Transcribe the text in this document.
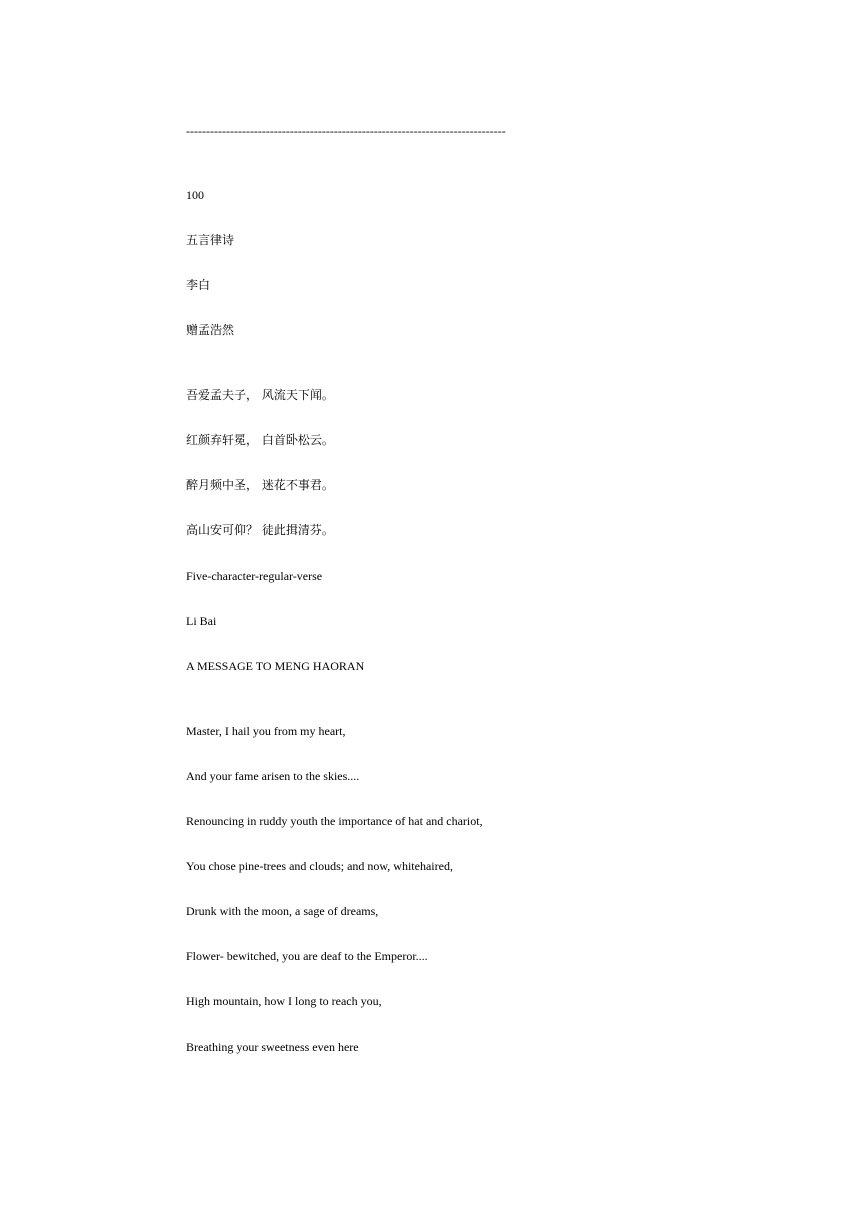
--------------------------------------------------------------------------------
100
五言律诗
李白
赠孟浩然
吾爱孟夫子， 风流天下闻。
红颜弃轩冕， 白首卧松云。
醉月频中圣， 迷花不事君。
高山安可仰？ 徒此揖清芬。
Five-character-regular-verse
Li Bai
A MESSAGE TO MENG HAORAN
Master, I hail you from my heart,
And your fame arisen to the skies....
Renouncing in ruddy youth the importance of hat and chariot,
You chose pine-trees and clouds; and now, whitehaired,
Drunk with the moon, a sage of dreams,
Flower- bewitched, you are deaf to the Emperor....
High mountain, how I long to reach you,
Breathing your sweetness even here
